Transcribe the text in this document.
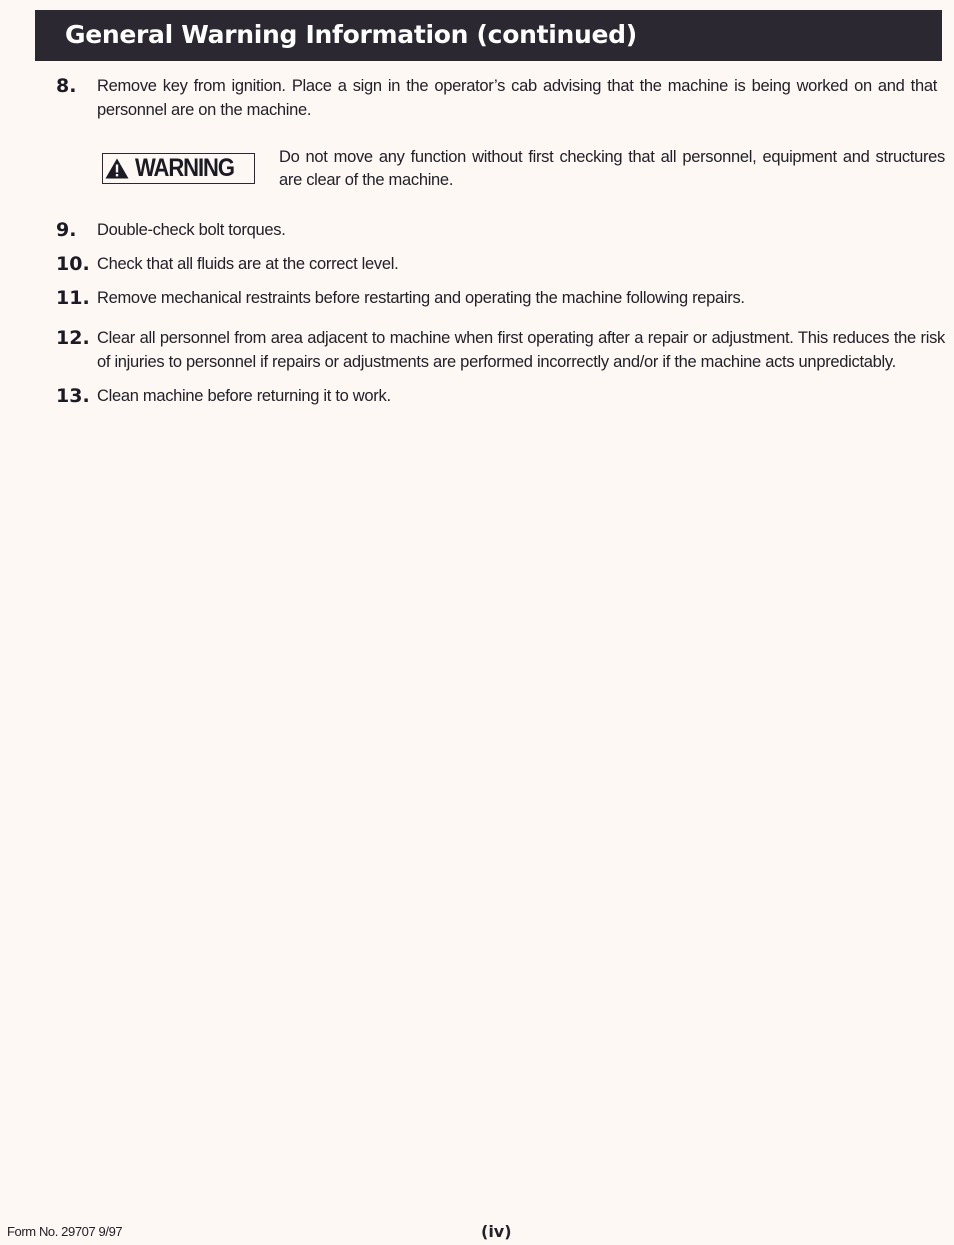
General Warning Information (continued)
8. Remove key from ignition. Place a sign in the operator’s cab advising that the machine is being worked on and that personnel are on the machine.
WARNING	Do not move any function without first checking that all personnel, equipment and structures are clear of the machine.
9. Double-check bolt torques.
10. Check that all fluids are at the correct level.
11. Remove mechanical restraints before restarting and operating the machine following repairs.
12. Clear all personnel from area adjacent to machine when first operating after a repair or adjustment. This reduces the risk of injuries to personnel if repairs or adjustments are performed incorrectly and/or if the machine acts unpredictably.
13. Clean machine before returning it to work.
Form No. 29707 9/97	(iv)
